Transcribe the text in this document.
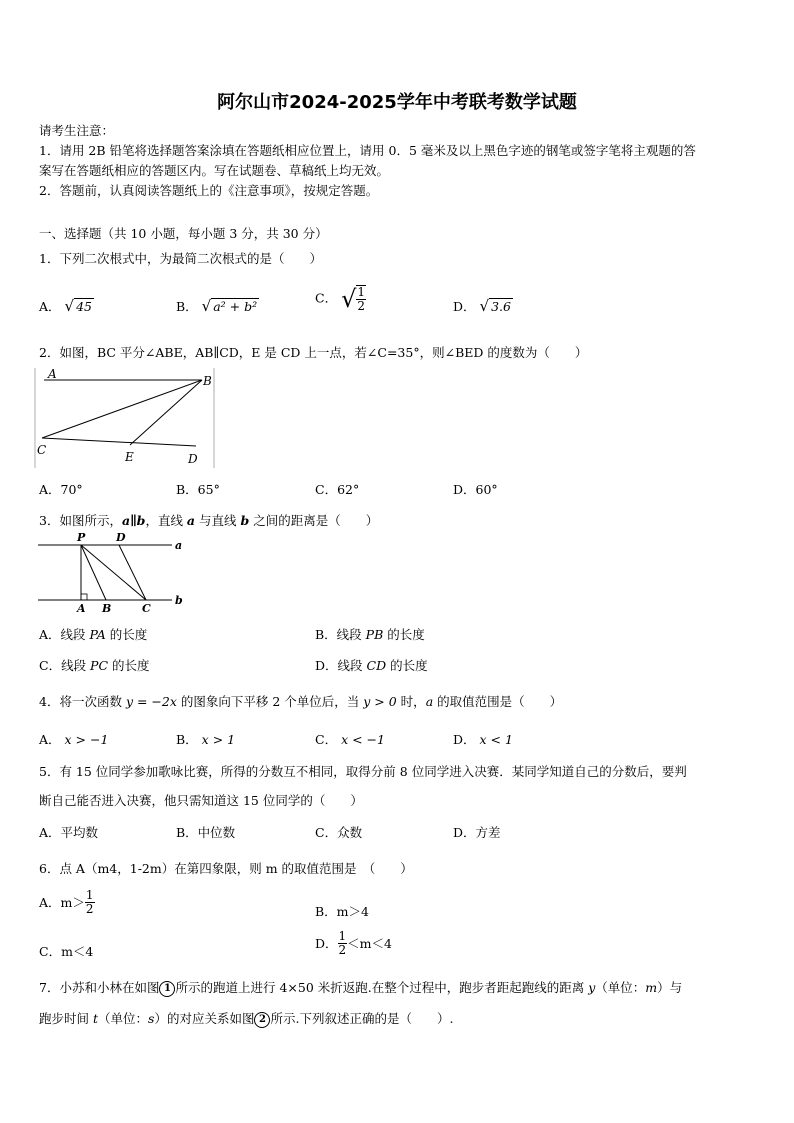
阿尔山市2024-2025学年中考联考数学试题
请考生注意：
1．请用 2B 铅笔将选择题答案涂填在答题纸相应位置上，请用 0．5 毫米及以上黑色字迹的钢笔或签字笔将主观题的答
案写在答题纸相应的答题区内。写在试题卷、草稿纸上均无效。
2．答题前，认真阅读答题纸上的《注意事项》，按规定答题。
一、选择题（共 10 小题，每小题 3 分，共 30 分）
1．下列二次根式中，为最简二次根式的是（　　）
A． √ 45	B． √ a² + b²
C． √ $\frac{1}{2}$	D． √ 3.6
2．如图，BC 平分∠ABE，AB∥CD，E 是 CD 上一点，若∠C=35°，则∠BED 的度数为（　　）
A	B
C	E	D
A．70°	B．65°	C．62°	D．60°
3．如图所示，a∥b，直线 a 与直线 b 之间的距离是（　　）
P	D
a
A B	C
b
A．线段 PA 的长度	B．线段 PB 的长度
C．线段 PC 的长度	D．线段 CD 的长度
4．将一次函数 y = −2x 的图象向下平移 2 个单位后，当 y > 0 时，a 的取值范围是（　　）
A． x > −1	B． x > 1	C． x < −1	D． x < 1
5．有 15 位同学参加歌咏比赛，所得的分数互不相同，取得分前 8 位同学进入决赛．某同学知道自己的分数后，要判
断自己能否进入决赛，他只需知道这 15 位同学的（　　）
A．平均数	B．中位数	C．众数	D．方差
6．点 A（m4，1-2m）在第四象限，则 m 的取值范围是　（　　）
A．$m> \frac{1}{2}$	B．m＞4
C．m＜4
D． $\frac{1}{2} <m<4$
7．小苏和小林在如图 1 所示的跑道上进行 4×50 米折返跑.在整个过程中，跑步者距起跑线的距离 y（单位：m）与
跑步时间 t（单位：s）的对应关系如图 2 所示.下列叙述正确的是（　　）.
